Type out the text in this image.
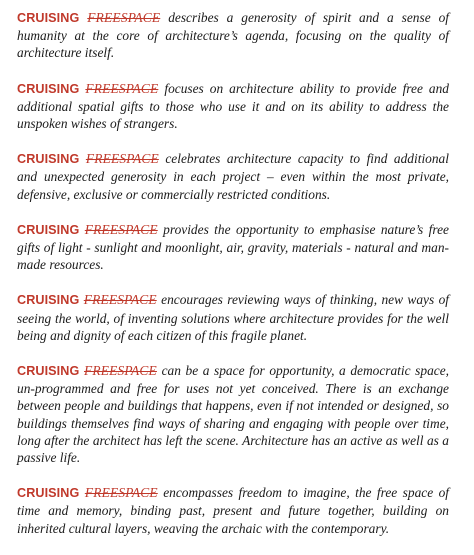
CRUISING FREESPACE describes a generosity of spirit and a sense of humanity at the core of architecture’s agenda, focusing on the quality of architecture itself.

CRUISING FREESPACE focuses on architecture ability to provide free and additional spatial gifts to those who use it and on its ability to address the unspoken wishes of strangers.

CRUISING FREESPACE celebrates architecture capacity to find additional and unexpected generosity in each project – even within the most private, defensive, exclusive or commercially restricted conditions.

CRUISING FREESPACE provides the opportunity to emphasise nature’s free gifts of light - sunlight and moonlight, air, gravity, materials - natural and man-made resources.

CRUISING FREESPACE encourages reviewing ways of thinking, new ways of seeing the world, of inventing solutions where architecture provides for the well being and dignity of each citizen of this fragile planet.

CRUISING FREESPACE can be a space for opportunity, a democratic space, un-programmed and free for uses not yet conceived. There is an exchange between people and buildings that happens, even if not intended or designed, so buildings themselves find ways of sharing and engaging with people over time, long after the architect has left the scene. Architecture has an active as well as a passive life.

CRUISING FREESPACE encompasses freedom to imagine, the free space of time and memory, binding past, present and future together, building on inherited cultural layers, weaving the archaic with the contemporary.
